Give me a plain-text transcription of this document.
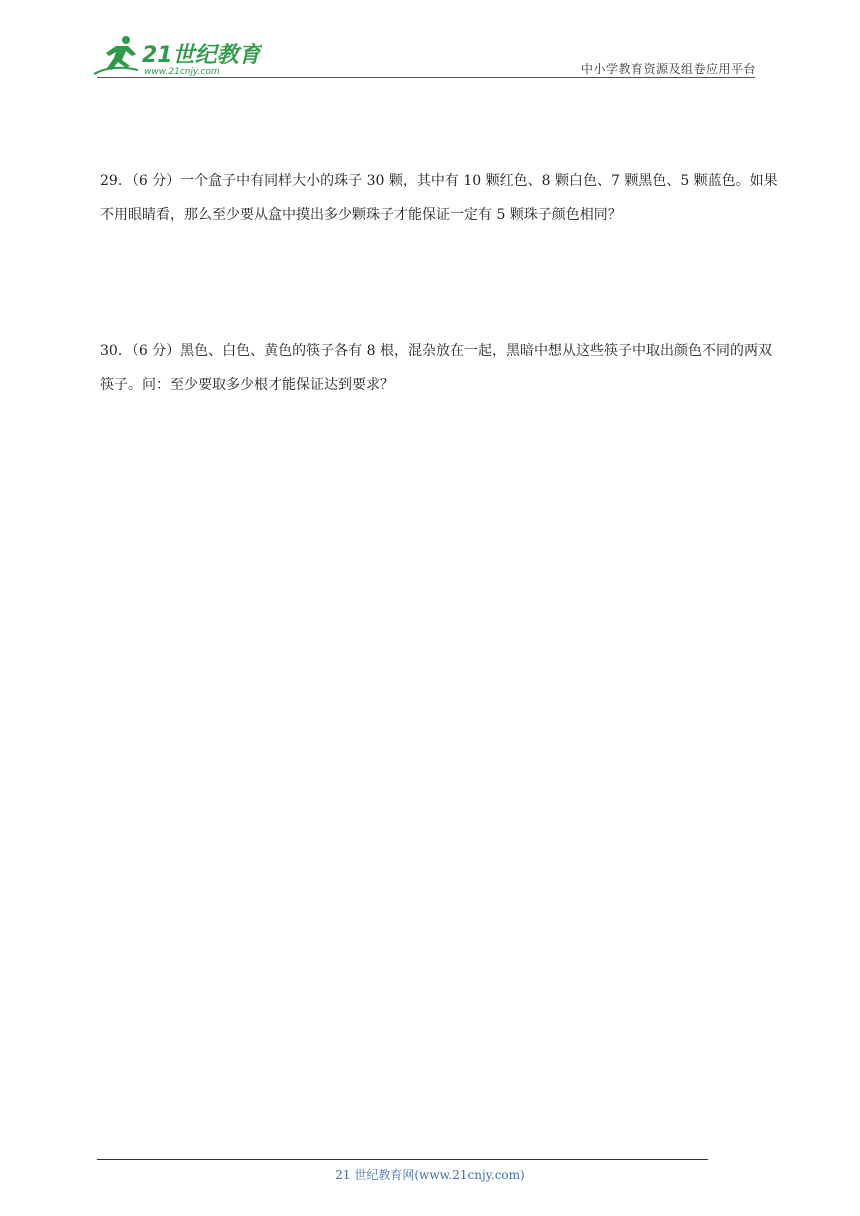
21世纪教育
www.21cnjy.com	中小学教育资源及组卷应用平台
29．（6 分）一个盒子中有同样大小的珠子 30 颗，其中有 10 颗红色、8 颗白色、7 颗黑色、5 颗蓝色。如果不用眼睛看，那么至少要从盒中摸出多少颗珠子才能保证一定有 5 颗珠子颜色相同？
30．（6 分）黑色、白色、黄色的筷子各有 8 根，混杂放在一起，黑暗中想从这些筷子中取出颜色不同的两双筷子。问：至少要取多少根才能保证达到要求？
21 世纪教育网(www.21cnjy.com)
